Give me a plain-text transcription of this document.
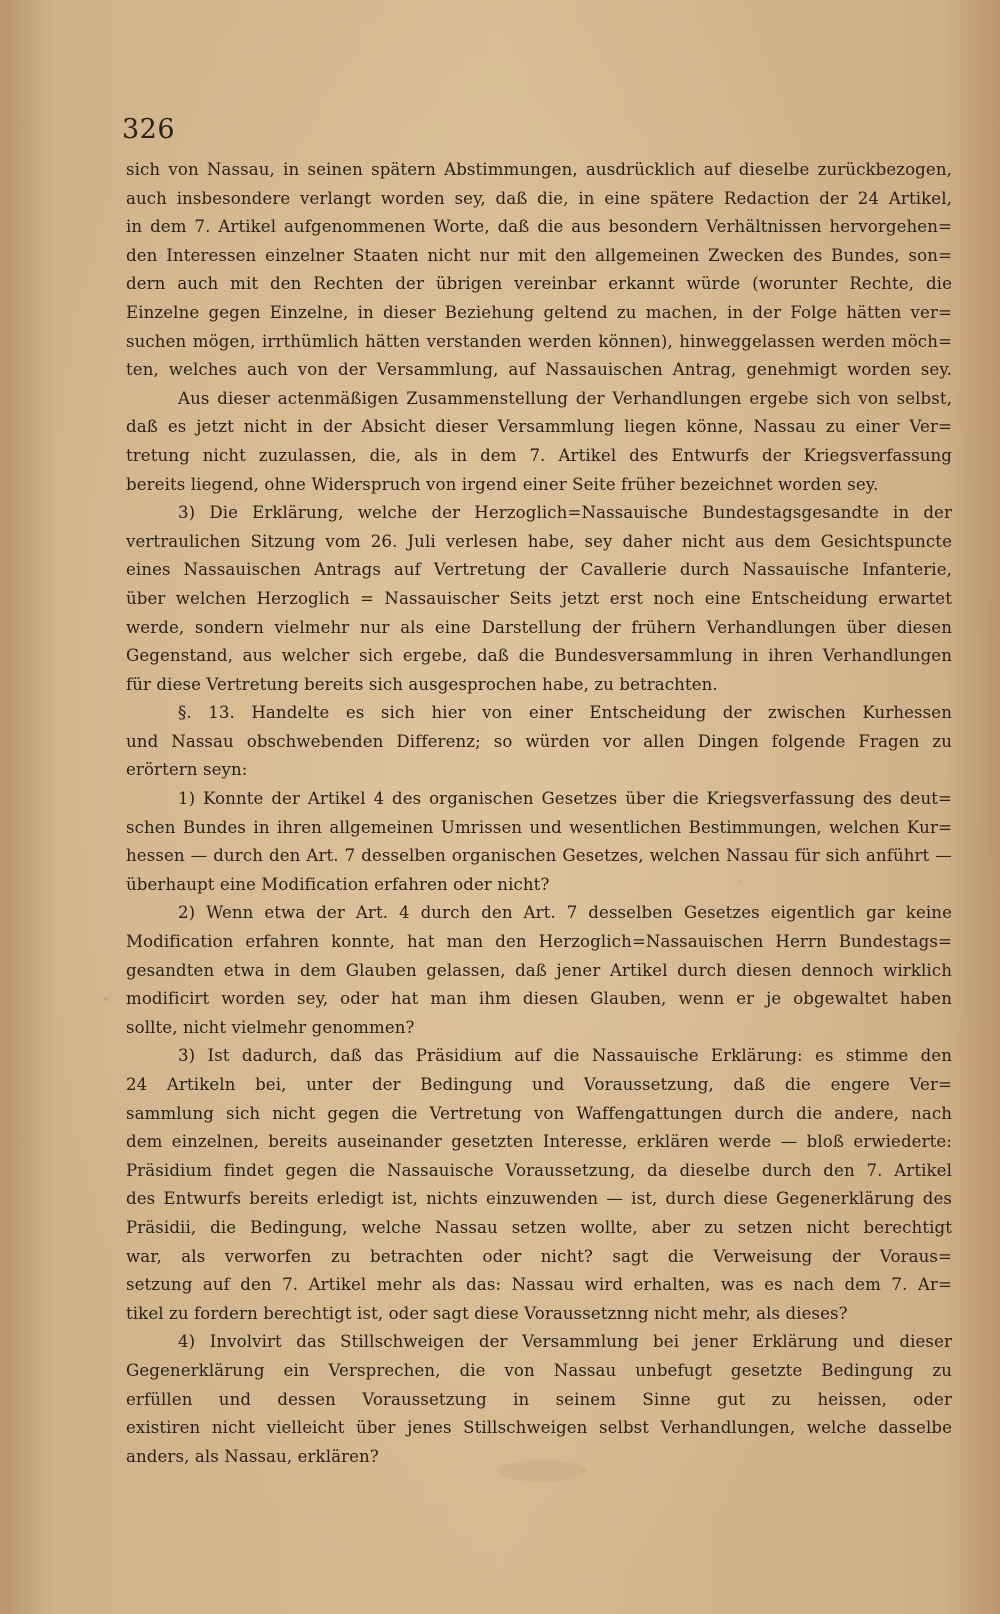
326
sich von Nassau, in seinen spätern Abstimmungen, ausdrücklich auf dieselbe zurückbezogen,
auch insbesondere verlangt worden sey, daß die, in eine spätere Redaction der 24 Artikel,
in dem 7. Artikel aufgenommenen Worte, daß die aus besondern Verhältnissen hervorgehen=
den Interessen einzelner Staaten nicht nur mit den allgemeinen Zwecken des Bundes, son=
dern auch mit den Rechten der übrigen vereinbar erkannt würde (worunter Rechte, die
Einzelne gegen Einzelne, in dieser Beziehung geltend zu machen, in der Folge hätten ver=
suchen mögen, irrthümlich hätten verstanden werden können), hinweggelassen werden möch=
ten, welches auch von der Versammlung, auf Nassauischen Antrag, genehmigt worden sey.
Aus dieser actenmäßigen Zusammenstellung der Verhandlungen ergebe sich von selbst,
daß es jetzt nicht in der Absicht dieser Versammlung liegen könne, Nassau zu einer Ver=
tretung nicht zuzulassen, die, als in dem 7. Artikel des Entwurfs der Kriegsverfassung
bereits liegend, ohne Widerspruch von irgend einer Seite früher bezeichnet worden sey.
3) Die Erklärung, welche der Herzoglich=Nassauische Bundestagsgesandte in der
vertraulichen Sitzung vom 26. Juli verlesen habe, sey daher nicht aus dem Gesichtspuncte
eines Nassauischen Antrags auf Vertretung der Cavallerie durch Nassauische Infanterie,
über welchen Herzoglich = Nassauischer Seits jetzt erst noch eine Entscheidung erwartet
werde, sondern vielmehr nur als eine Darstellung der frühern Verhandlungen über diesen
Gegenstand, aus welcher sich ergebe, daß die Bundesversammlung in ihren Verhandlungen
für diese Vertretung bereits sich ausgesprochen habe, zu betrachten.
§. 13. Handelte es sich hier von einer Entscheidung der zwischen Kurhessen
und Nassau obschwebenden Differenz; so würden vor allen Dingen folgende Fragen zu
erörtern seyn:
1) Konnte der Artikel 4 des organischen Gesetzes über die Kriegsverfassung des deut=
schen Bundes in ihren allgemeinen Umrissen und wesentlichen Bestimmungen, welchen Kur=
hessen — durch den Art. 7 desselben organischen Gesetzes, welchen Nassau für sich anführt —
überhaupt eine Modification erfahren oder nicht?
2) Wenn etwa der Art. 4 durch den Art. 7 desselben Gesetzes eigentlich gar keine
Modification erfahren konnte, hat man den Herzoglich=Nassauischen Herrn Bundestags=
gesandten etwa in dem Glauben gelassen, daß jener Artikel durch diesen dennoch wirklich
modificirt worden sey, oder hat man ihm diesen Glauben, wenn er je obgewaltet haben
sollte, nicht vielmehr genommen?
3) Ist dadurch, daß das Präsidium auf die Nassauische Erklärung: es stimme den
24 Artikeln bei, unter der Bedingung und Voraussetzung, daß die engere Ver=
sammlung sich nicht gegen die Vertretung von Waffengattungen durch die andere, nach
dem einzelnen, bereits auseinander gesetzten Interesse, erklären werde — bloß erwiederte:
Präsidium findet gegen die Nassauische Voraussetzung, da dieselbe durch den 7. Artikel
des Entwurfs bereits erledigt ist, nichts einzuwenden — ist, durch diese Gegenerklärung des
Präsidii, die Bedingung, welche Nassau setzen wollte, aber zu setzen nicht berechtigt
war, als verworfen zu betrachten oder nicht? sagt die Verweisung der Voraus=
setzung auf den 7. Artikel mehr als das: Nassau wird erhalten, was es nach dem 7. Ar=
tikel zu fordern berechtigt ist, oder sagt diese Voraussetznng nicht mehr, als dieses?
4) Involvirt das Stillschweigen der Versammlung bei jener Erklärung und dieser
Gegenerklärung ein Versprechen, die von Nassau unbefugt gesetzte Bedingung zu
erfüllen und dessen Voraussetzung in seinem Sinne gut zu heissen, oder
existiren nicht vielleicht über jenes Stillschweigen selbst Verhandlungen, welche dasselbe
anders, als Nassau, erklären?
